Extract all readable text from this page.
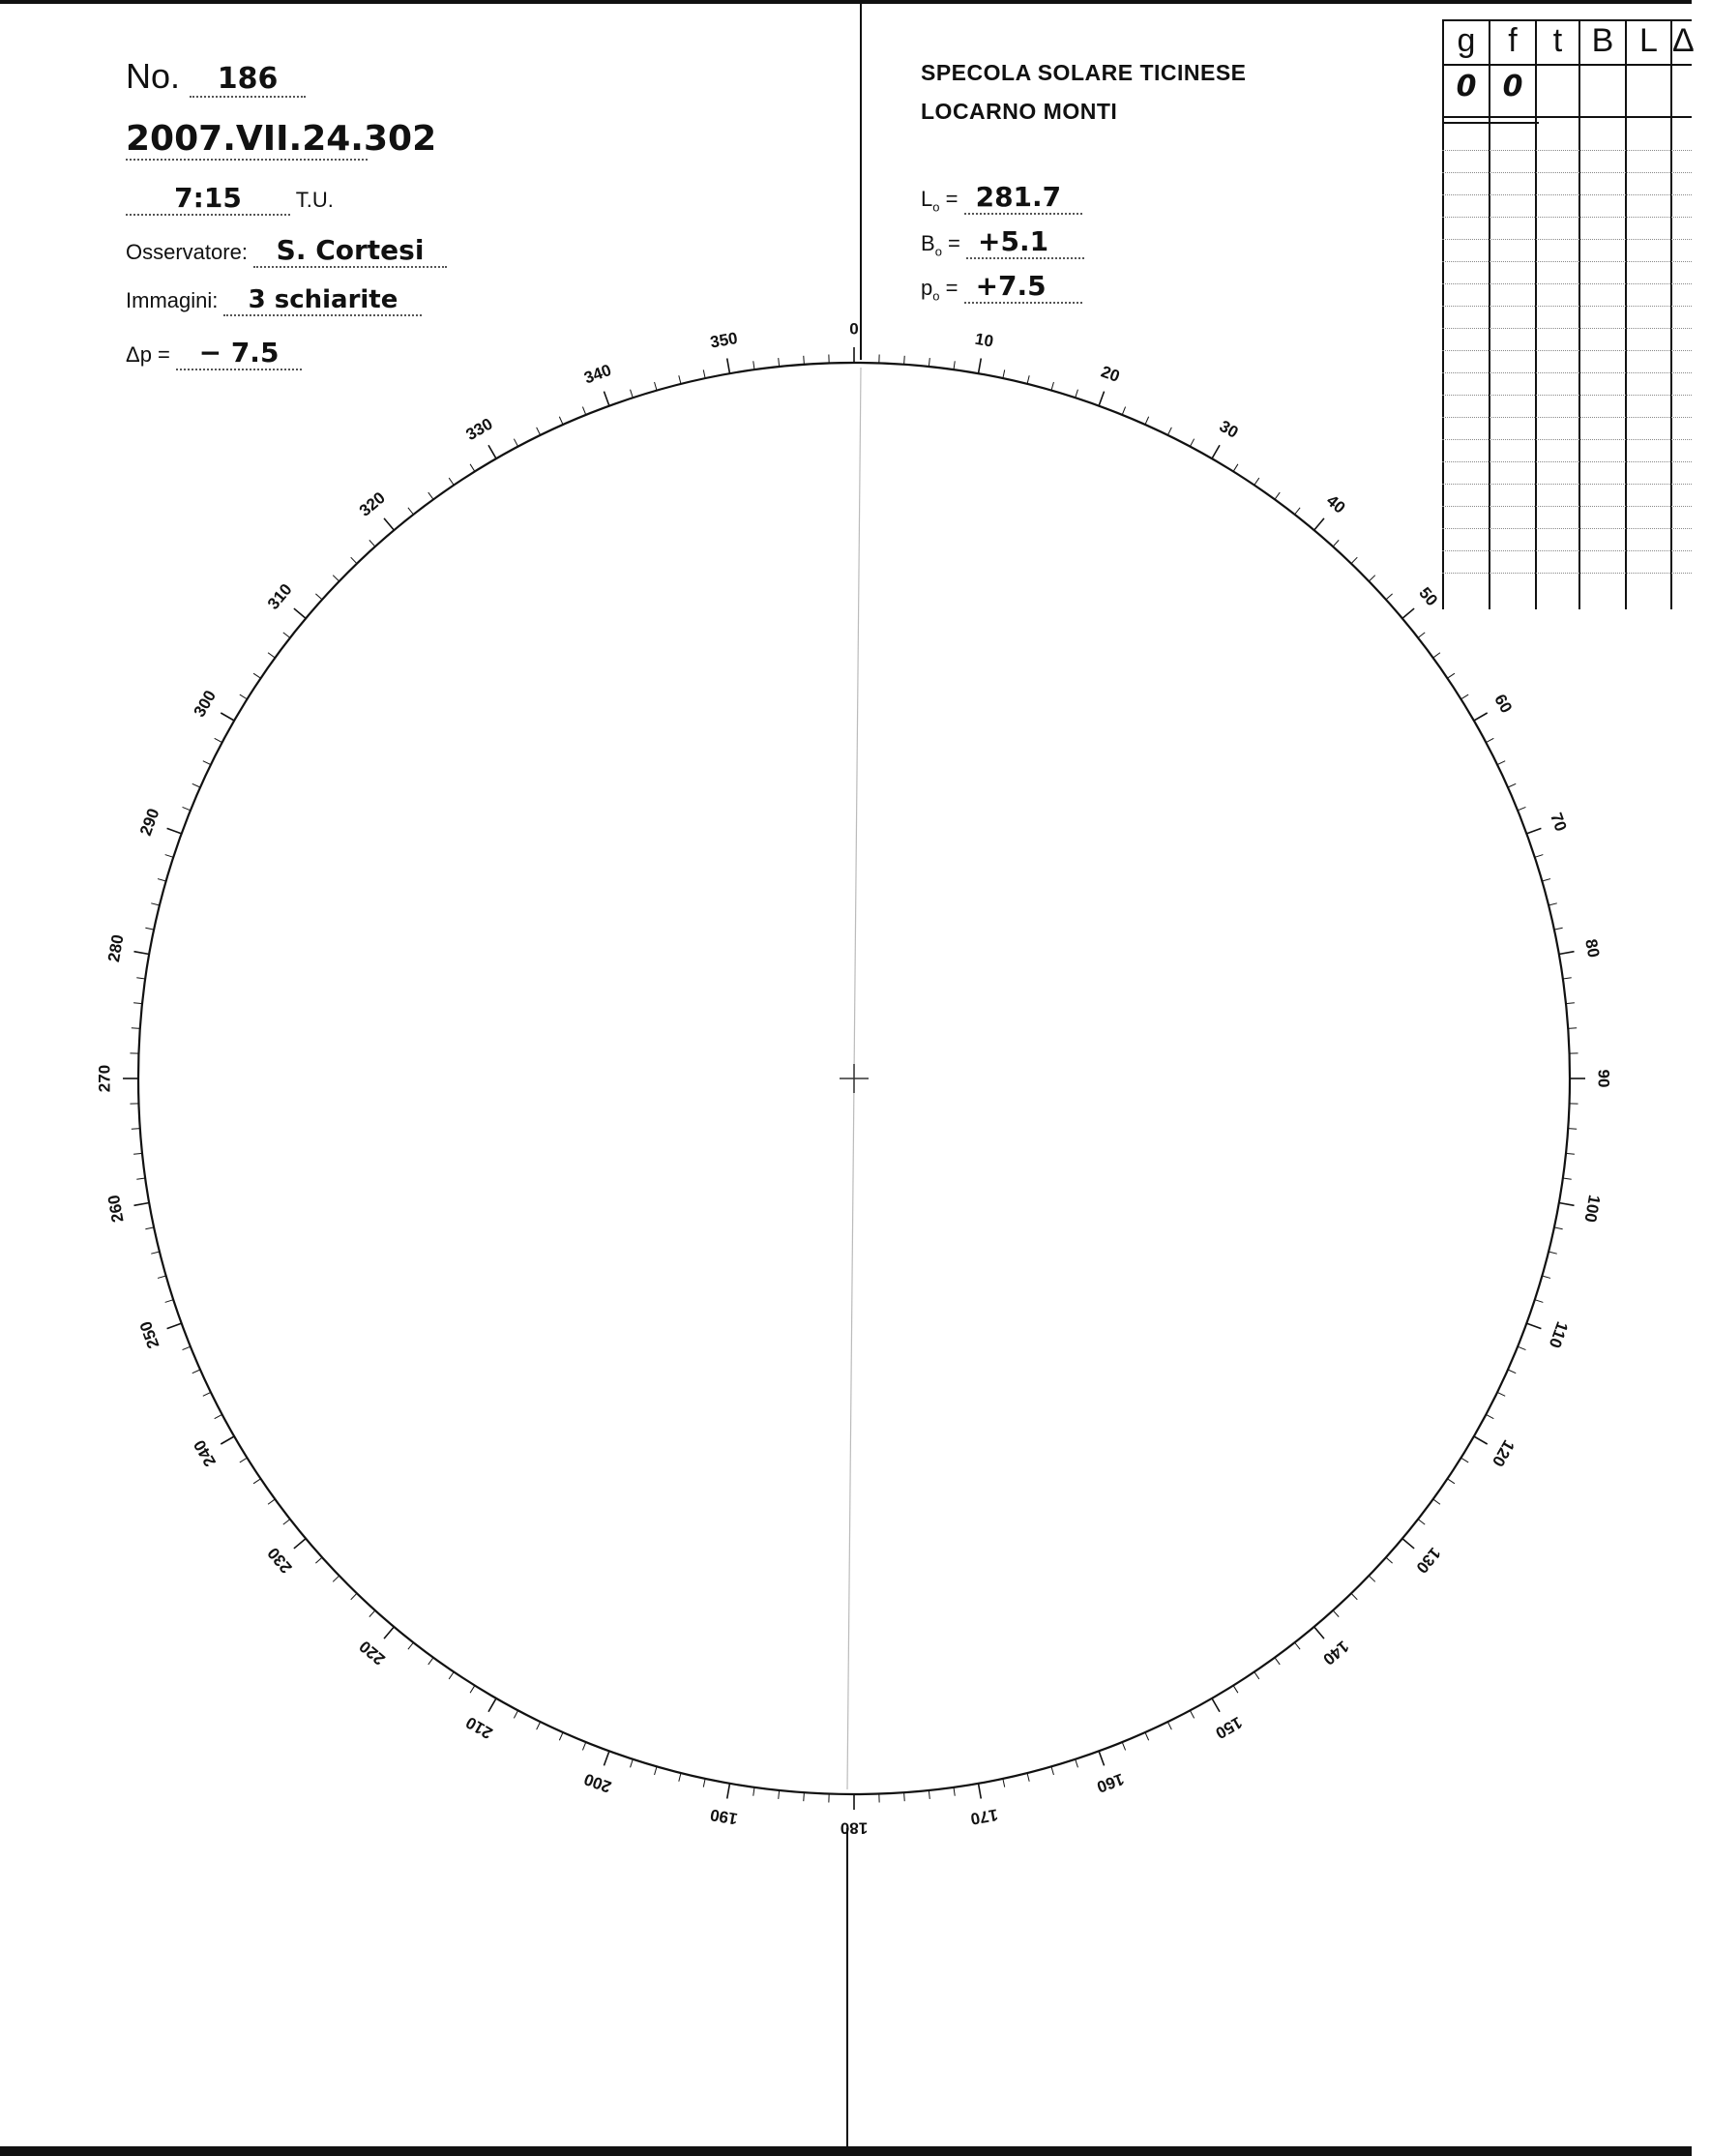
No. 186
2007.VII.24.302
7:15	T.U.
Osservatore: S. Cortesi
Immagini: 3 schiarite
Δp = − 7.5
SPECOLA SOLARE TICINESE
LOCARNO MONTI
$L_o = 281.7$
$B_o = +5.1$
$p_o = +7.5$
g f	t B L Δ
0 0
0
10
20
30
40
50
60
70
80
90
100
110
120
130
140
150
160
170
180
190
200
210
220
230
240
250
260
270
280
290
300
310
320
330
340
350
